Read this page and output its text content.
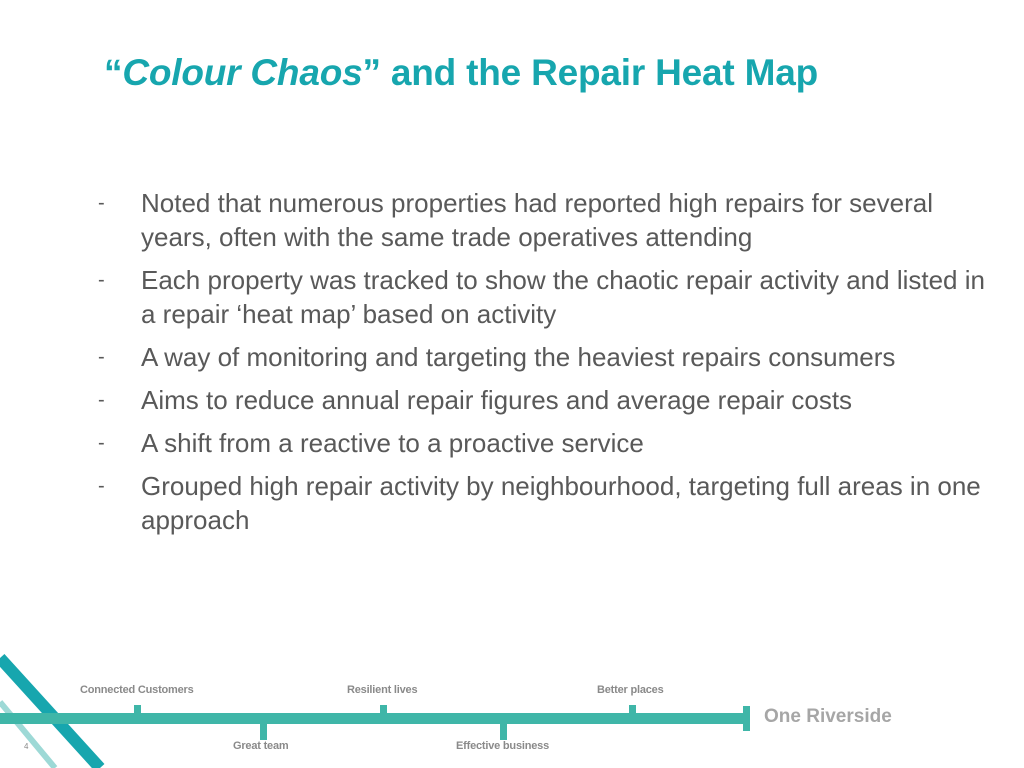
“Colour Chaos” and the Repair Heat Map
-	Noted that numerous properties had reported high repairs for several years, often with the same trade operatives attending
-	Each property was tracked to show the chaotic repair activity and listed in a repair ‘heat map’ based on activity
-	A way of monitoring and targeting the heaviest repairs consumers
-	Aims to reduce annual repair figures and average repair costs
-	A shift from a reactive to a proactive service
-	Grouped high repair activity by neighbourhood, targeting full areas in one approach
Connected Customers	Resilient lives	Better places
Great team	Effective business
One Riverside
4
